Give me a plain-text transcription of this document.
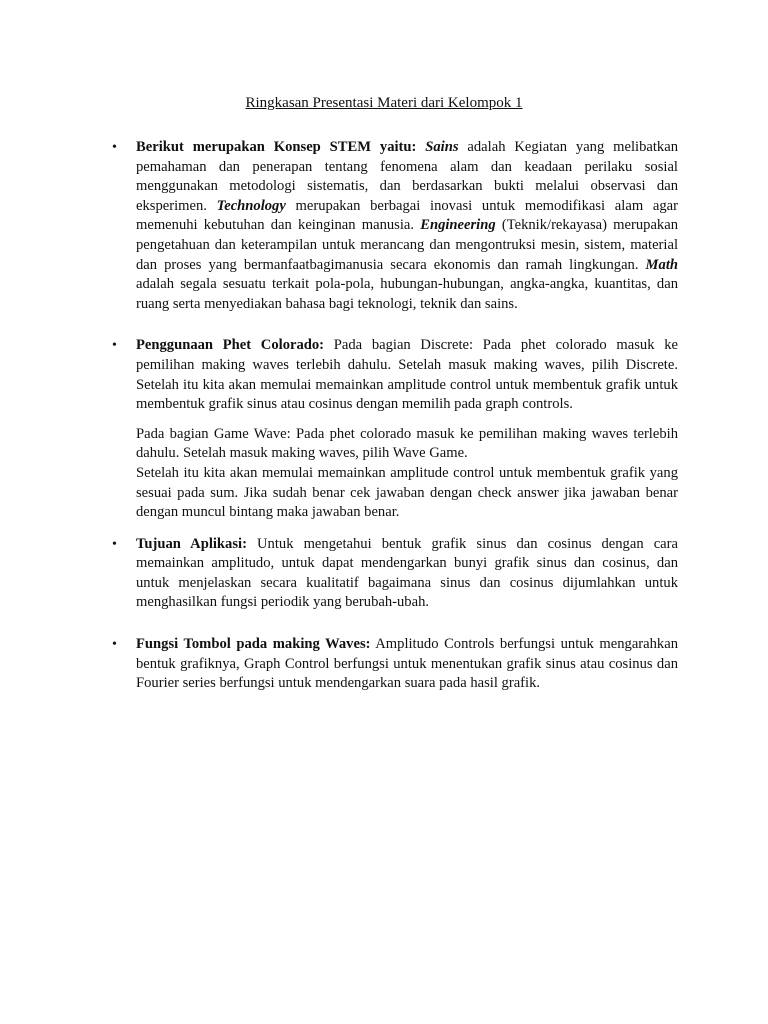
Ringkasan Presentasi Materi dari Kelompok 1
• Berikut merupakan Konsep STEM yaitu: Sains adalah Kegiatan yang melibatkan pemahaman dan penerapan tentang fenomena alam dan keadaan perilaku sosial menggunakan metodologi sistematis, dan berdasarkan bukti melalui observasi dan eksperimen. Technology merupakan berbagai inovasi untuk memodifikasi alam agar memenuhi kebutuhan dan keinginan manusia. Engineering (Teknik/rekayasa) merupakan pengetahuan dan keterampilan untuk merancang dan mengontruksi mesin, sistem, material dan proses yang bermanfaatbagimanusia secara ekonomis dan ramah lingkungan. Math adalah segala sesuatu terkait pola-pola, hubungan-hubungan, angka-angka, kuantitas, dan ruang serta menyediakan bahasa bagi teknologi, teknik dan sains.

• Penggunaan Phet Colorado: Pada bagian Discrete: Pada phet colorado masuk ke pemilihan making waves terlebih dahulu. Setelah masuk making waves, pilih Discrete. Setelah itu kita akan memulai memainkan amplitude control untuk membentuk grafik untuk membentuk grafik sinus atau cosinus dengan memilih pada graph controls.

Pada bagian Game Wave: Pada phet colorado masuk ke pemilihan making waves terlebih dahulu. Setelah masuk making waves, pilih Wave Game.
Setelah itu kita akan memulai memainkan amplitude control untuk membentuk grafik yang sesuai pada sum. Jika sudah benar cek jawaban dengan check answer jika jawaban benar dengan muncul bintang maka jawaban benar.

• Tujuan Aplikasi: Untuk mengetahui bentuk grafik sinus dan cosinus dengan cara memainkan amplitudo, untuk dapat mendengarkan bunyi grafik sinus dan cosinus, dan untuk menjelaskan secara kualitatif bagaimana sinus dan cosinus dijumlahkan untuk menghasilkan fungsi periodik yang berubah-ubah.

• Fungsi Tombol pada making Waves: Amplitudo Controls berfungsi untuk mengarahkan bentuk grafiknya, Graph Control berfungsi untuk menentukan grafik sinus atau cosinus dan Fourier series berfungsi untuk mendengarkan suara pada hasil grafik.
